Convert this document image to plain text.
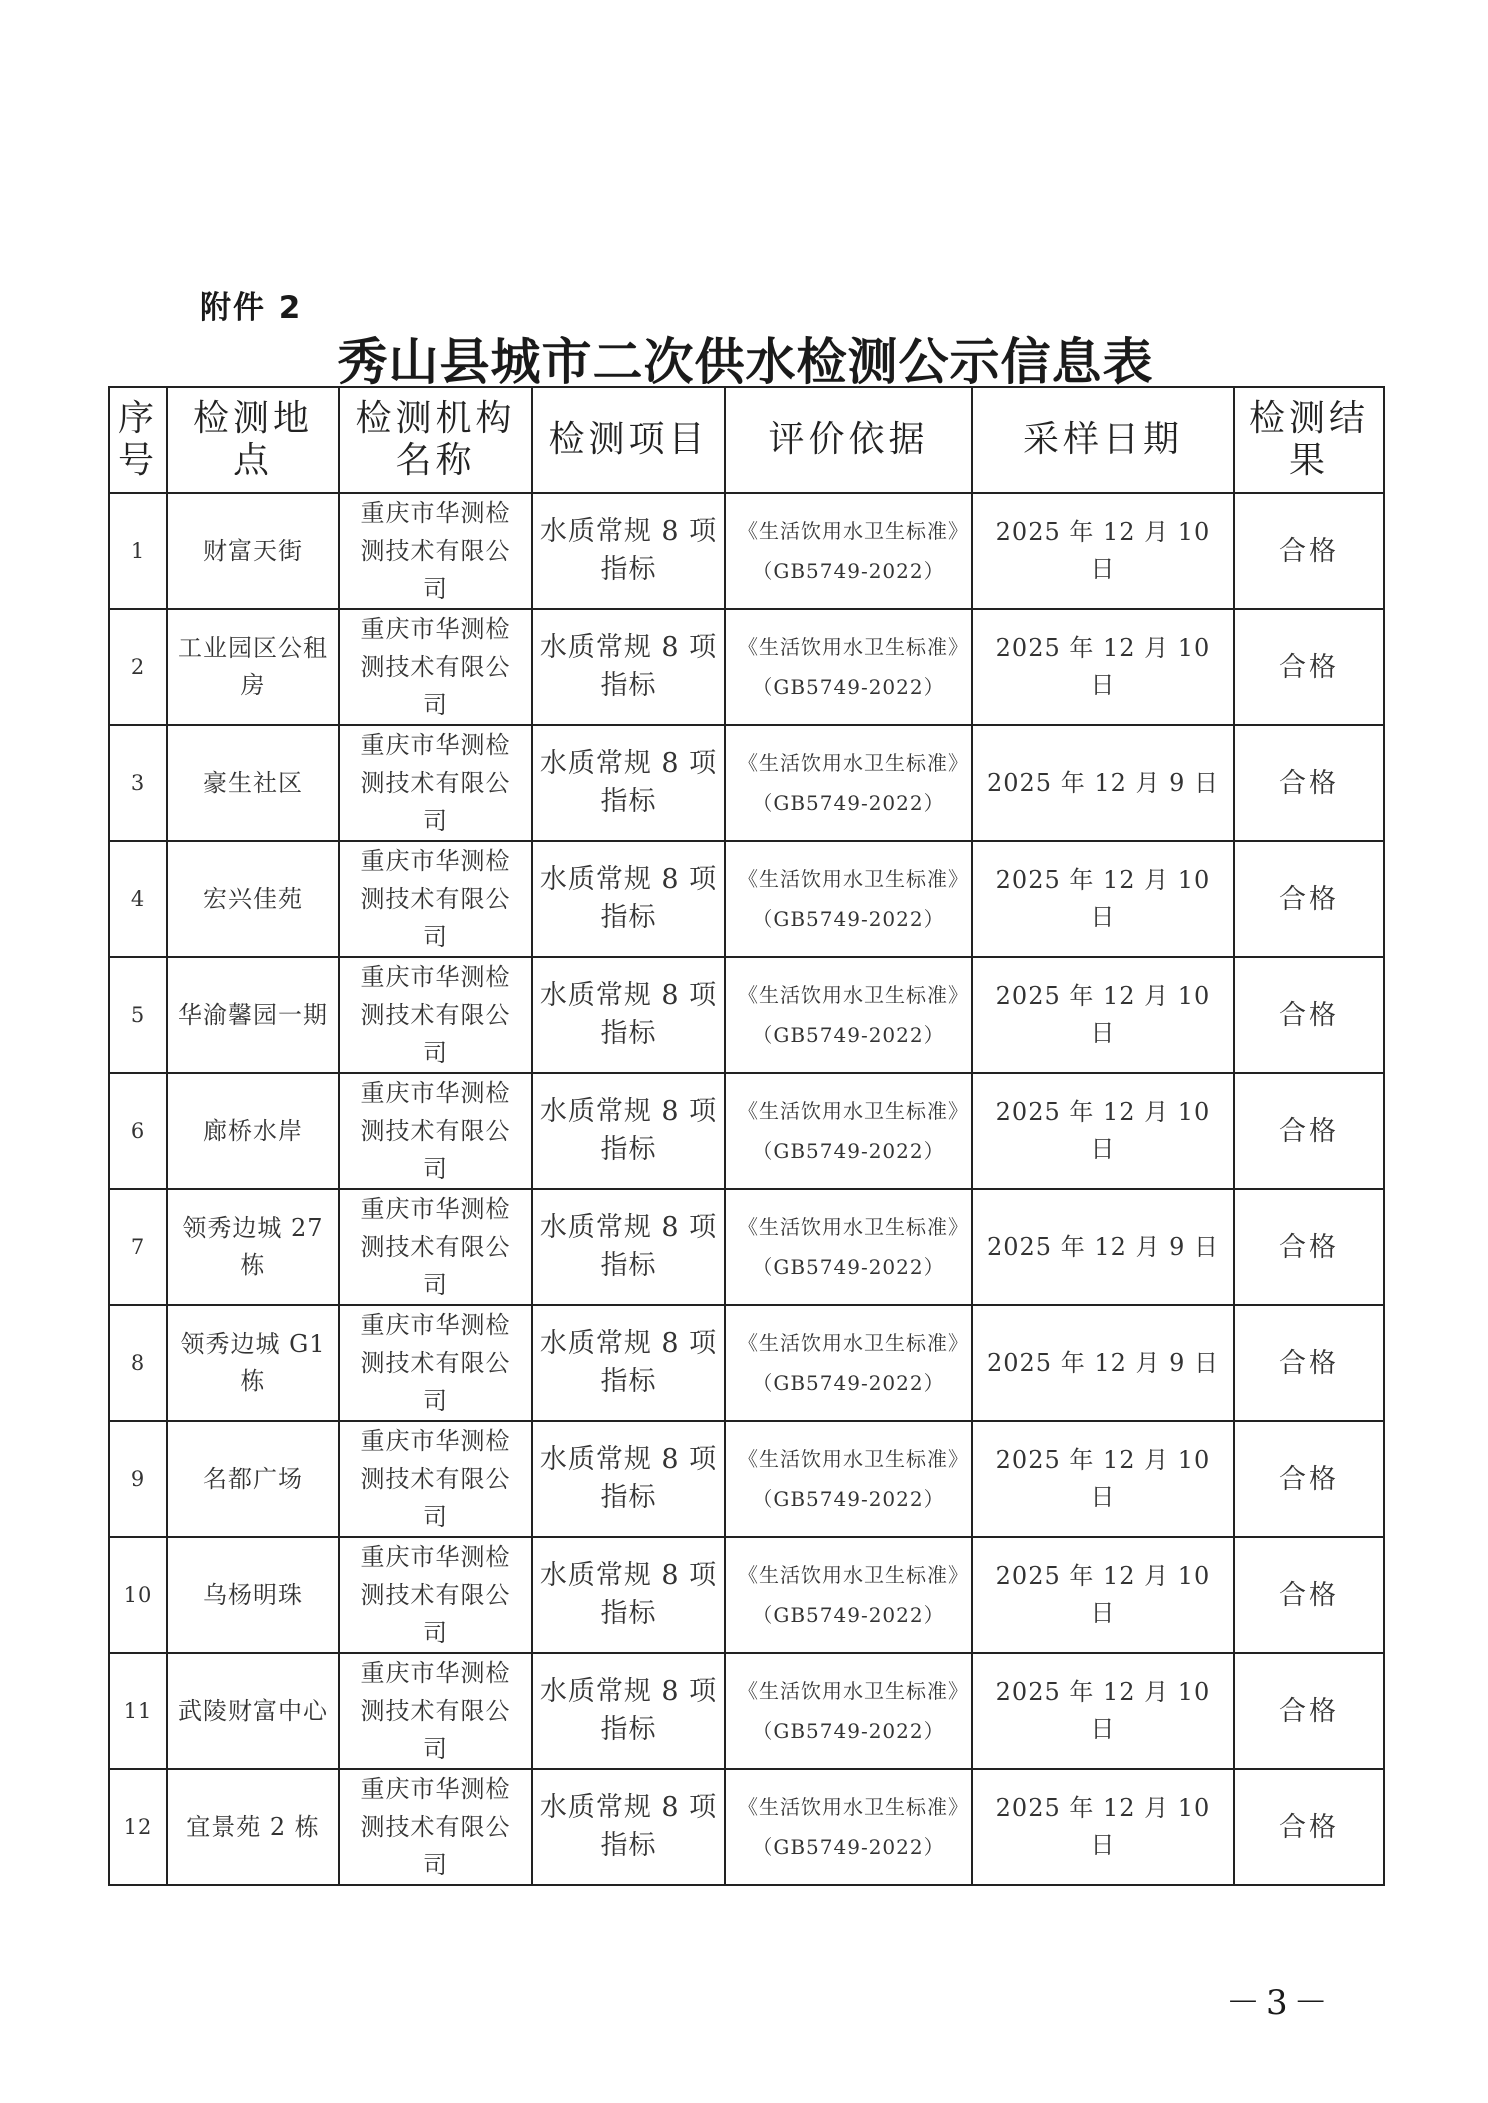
附件 2
秀山县城市二次供水检测公示信息表
序号	检测地点	检测机构名称	检测项目	评价依据	采样日期	检测结果
1	财富天街	重庆市华测检测技术有限公司	水质常规 8 项指标	《生活饮用水卫生标准》（GB5749-2022）	2025 年 12 月 10 日	合格
2	工业园区公租房	重庆市华测检测技术有限公司	水质常规 8 项指标	《生活饮用水卫生标准》（GB5749-2022）	2025 年 12 月 10 日	合格
3	豪生社区	重庆市华测检测技术有限公司	水质常规 8 项指标	《生活饮用水卫生标准》（GB5749-2022）	2025 年 12 月 9 日	合格
4	宏兴佳苑	重庆市华测检测技术有限公司	水质常规 8 项指标	《生活饮用水卫生标准》（GB5749-2022）	2025 年 12 月 10 日	合格
5	华渝馨园一期	重庆市华测检测技术有限公司	水质常规 8 项指标	《生活饮用水卫生标准》（GB5749-2022）	2025 年 12 月 10 日	合格
6	廊桥水岸	重庆市华测检测技术有限公司	水质常规 8 项指标	《生活饮用水卫生标准》（GB5749-2022）	2025 年 12 月 10 日	合格
7	领秀边城 27 栋	重庆市华测检测技术有限公司	水质常规 8 项指标	《生活饮用水卫生标准》（GB5749-2022）	2025 年 12 月 9 日	合格
8	领秀边城 G1 栋	重庆市华测检测技术有限公司	水质常规 8 项指标	《生活饮用水卫生标准》（GB5749-2022）	2025 年 12 月 9 日	合格
9	名都广场	重庆市华测检测技术有限公司	水质常规 8 项指标	《生活饮用水卫生标准》（GB5749-2022）	2025 年 12 月 10 日	合格
10	乌杨明珠	重庆市华测检测技术有限公司	水质常规 8 项指标	《生活饮用水卫生标准》（GB5749-2022）	2025 年 12 月 10 日	合格
11	武陵财富中心	重庆市华测检测技术有限公司	水质常规 8 项指标	《生活饮用水卫生标准》（GB5749-2022）	2025 年 12 月 10 日	合格
12	宜景苑 2 栋	重庆市华测检测技术有限公司	水质常规 8 项指标	《生活饮用水卫生标准》（GB5749-2022）	2025 年 12 月 10 日	合格
－3－
